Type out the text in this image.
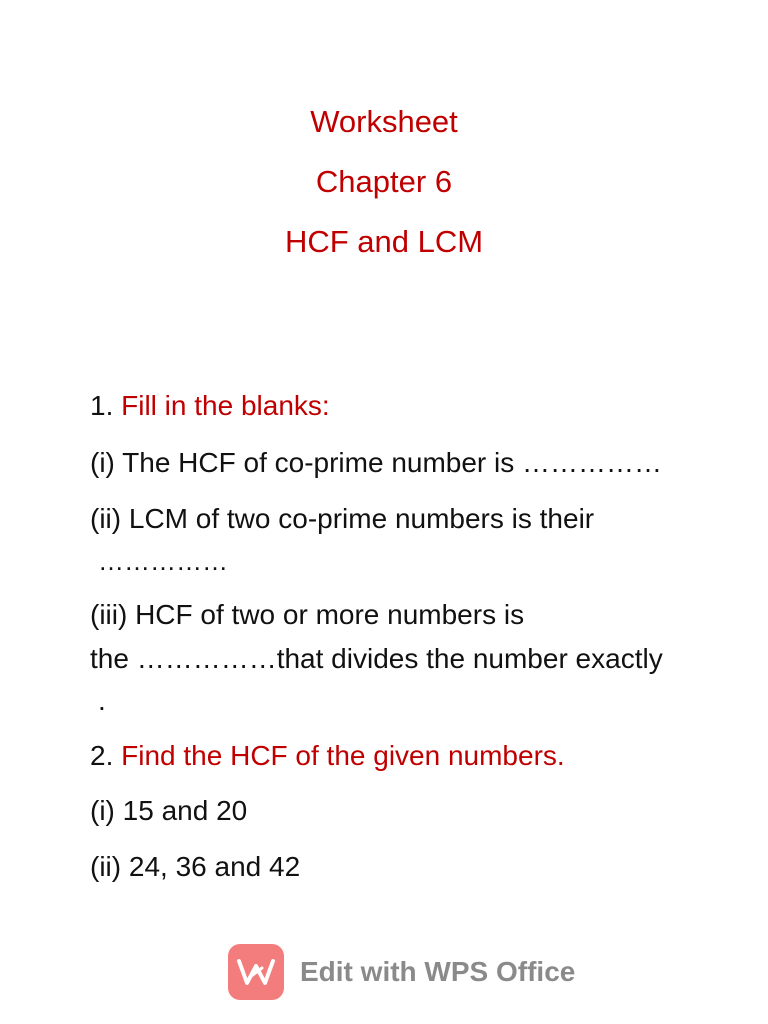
Worksheet
Chapter 6
HCF and LCM

1. Fill in the blanks:

(i) The HCF of co-prime number is ……………

(ii) LCM of two co-prime numbers is their

……………

(iii) HCF of two or more numbers is

the ……………that divides the number exactly

.

2. Find the HCF of the given numbers.

(i) 15 and 20

(ii) 24, 36 and 42

Edit with WPS Office
